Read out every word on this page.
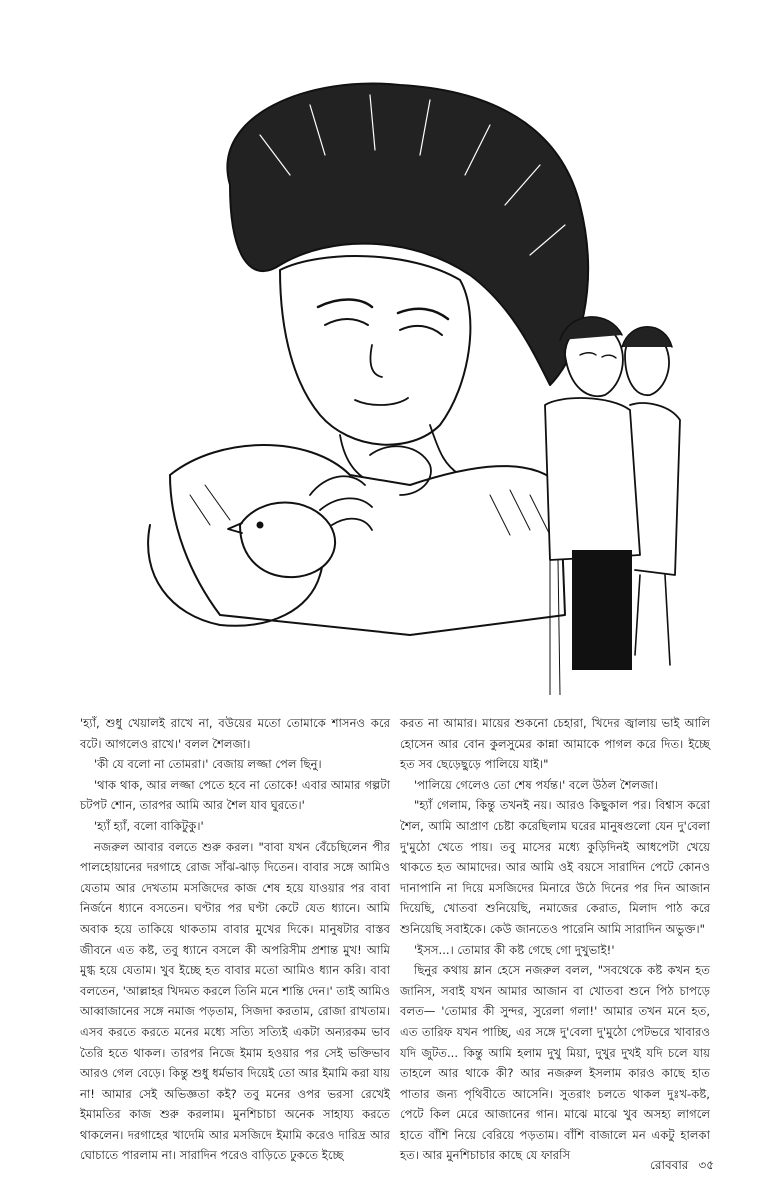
'হ্যাঁ, শুধু খেয়ালই রাখে না, বউয়ের মতো তোমাকে শাসনও করে বটে। আগলেও রাখে।' বলল শৈলজা।

'কী যে বলো না তোমরা।' বেজায় লজ্জা পেল ছিনু।

'থাক থাক, আর লজ্জা পেতে হবে না তোকে! এবার আমার গল্পটা চটপট শোন, তারপর আমি আর শৈল যাব ঘুরতে।'

'হ্যাঁ হ্যাঁ, বলো বাকিটুকু।'

নজরুল আবার বলতে শুরু করল। "বাবা যখন বেঁচেছিলেন পীর পালহোয়ানের দরগাহে রোজ সাঁঝ-ঝাড় দিতেন। বাবার সঙ্গে আমিও যেতাম আর দেখতাম মসজিদের কাজ শেষ হয়ে যাওয়ার পর বাবা নির্জনে ধ্যানে বসতেন। ঘণ্টার পর ঘণ্টা কেটে যেত ধ্যানে। আমি অবাক হয়ে তাকিয়ে থাকতাম বাবার মুখের দিকে। মানুষটার বাস্তব জীবনে এত কষ্ট, তবু ধ্যানে বসলে কী অপরিসীম প্রশান্ত মুখ! আমি মুগ্ধ হয়ে যেতাম। খুব ইচ্ছে হত বাবার মতো আমিও ধ্যান করি। বাবা বলতেন, 'আল্লাহর খিদমত করলে তিনি মনে শান্তি দেন।' তাই আমিও আব্বাজানের সঙ্গে নমাজ পড়তাম, সিজদা করতাম, রোজা রাখতাম। এসব করতে করতে মনের মধ্যে সত্যি সত্যিই একটা অন্যরকম ভাব তৈরি হতে থাকল। তারপর নিজে ইমাম হওয়ার পর সেই ভক্তিভাব আরও গেল বেড়ে। কিন্তু শুধু ধর্মভাব দিয়েই তো আর ইমামি করা যায় না! আমার সেই অভিজ্ঞতা কই? তবু মনের ওপর ভরসা রেখেই ইমামতির কাজ শুরু করলাম। মুনশিচাচা অনেক সাহায্য করতে থাকলেন। দরগাহের খাদেমি আর মসজিদে ইমামি করেও দারিদ্র আর ঘোচাতে পারলাম না। সারাদিন পরেও বাড়িতে ঢুকতে ইচ্ছে

করত না আমার। মায়ের শুকনো চেহারা, খিদের জ্বালায় ভাই আলি হোসেন আর বোন কুলসুমের কান্না আমাকে পাগল করে দিত। ইচ্ছে হত সব ছেড়েছুড়ে পালিয়ে যাই।"

'পালিয়ে গেলেও তো শেষ পর্যন্ত।' বলে উঠল শৈলজা।

"হ্যাঁ গেলাম, কিন্তু তখনই নয়। আরও কিছুকাল পর। বিশ্বাস করো শৈল, আমি আপ্রাণ চেষ্টা করেছিলাম ঘরের মানুষগুলো যেন দু'বেলা দু'মুঠো খেতে পায়। তবু মাসের মধ্যে কুড়িদিনই আধপেটা খেয়ে থাকতে হত আমাদের। আর আমি ওই বয়সে সারাদিন পেটে কোনও দানাপানি না দিয়ে মসজিদের মিনারে উঠে দিনের পর দিন আজান দিয়েছি, খোতবা শুনিয়েছি, নমাজের কেরাত, মিলাদ পাঠ করে শুনিয়েছি সবাইকে। কেউ জানতেও পারেনি আমি সারাদিন অভুক্ত।"

'ইসস...। তোমার কী কষ্ট গেছে গো দুখুভাই!'

ছিনুর কথায় ম্লান হেসে নজরুল বলল, "সবথেকে কষ্ট কখন হত জানিস, সবাই যখন আমার আজান বা খোতবা শুনে পিঠ চাপড়ে বলত— 'তোমার কী সুন্দর, সুরেলা গলা!' আমার তখন মনে হত, এত তারিফ যখন পাচ্ছি, এর সঙ্গে দু'বেলা দু'মুঠো পেটভরে খাবারও যদি জুটত... কিন্তু আমি হলাম দুখু মিয়া, দুখুর দুখই যদি চলে যায় তাহলে আর থাকে কী? আর নজরুল ইসলাম কারও কাছে হাত পাতার জন্য পৃথিবীতে আসেনি। সুতরাং চলতে থাকল দুঃখ-কষ্ট, পেটে কিল মেরে আজানের গান। মাঝে মাঝে খুব অসহ্য লাগলে হাতে বাঁশি নিয়ে বেরিয়ে পড়তাম। বাঁশি বাজালে মন একটু হালকা হত। আর মুনশিচাচার কাছে যে ফারসি

রোববার ৩৫
